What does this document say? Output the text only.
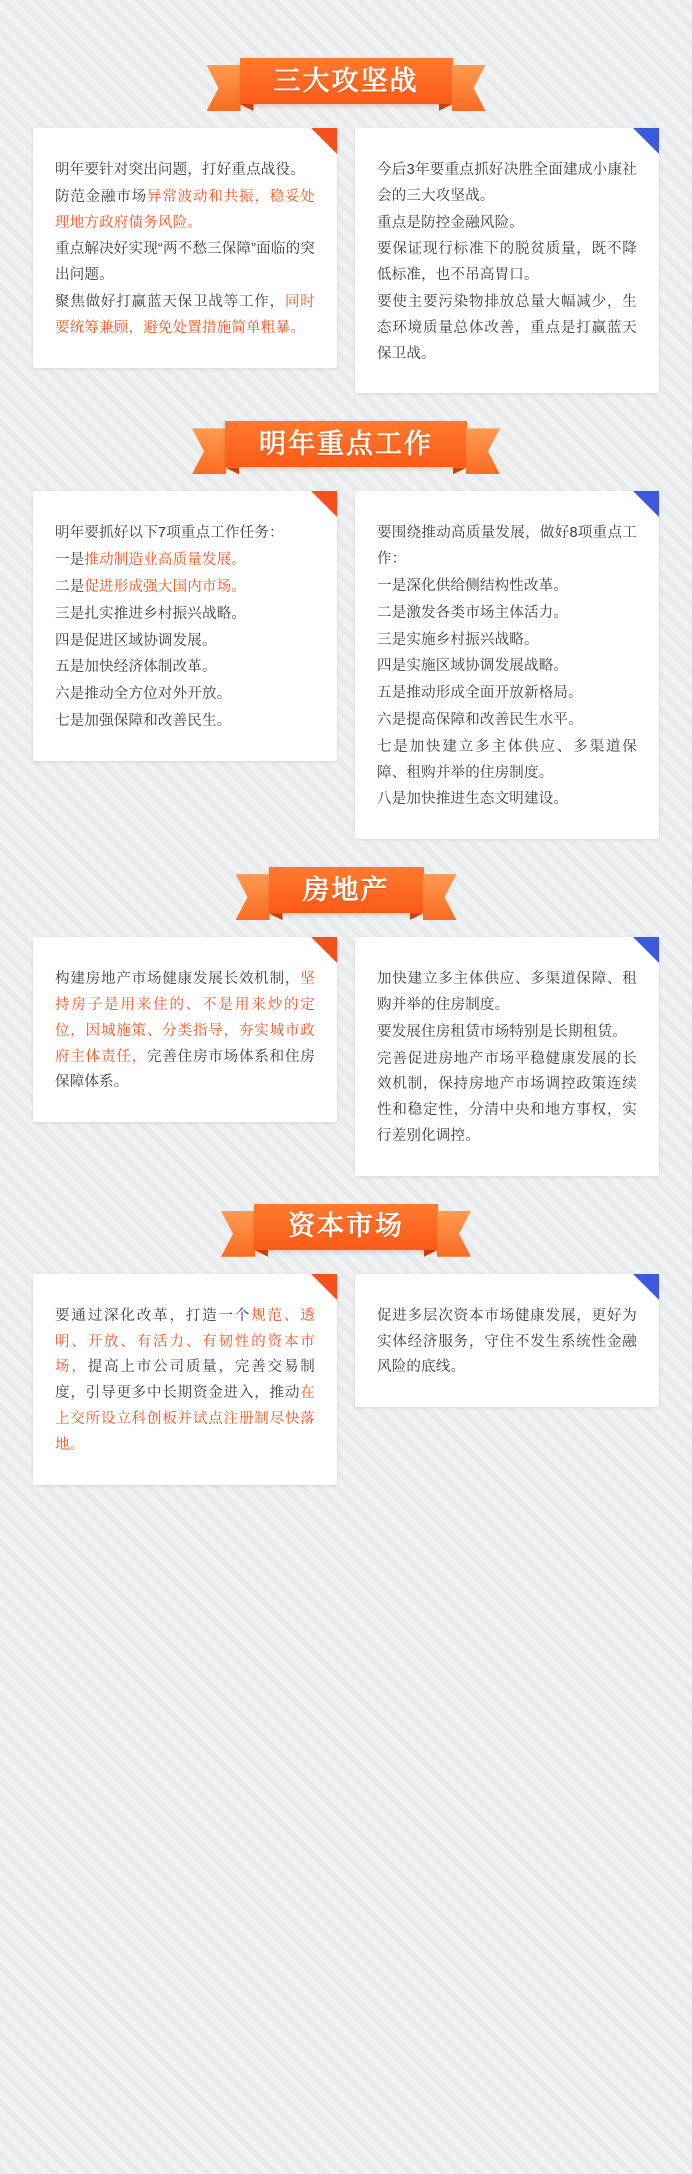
三大攻坚战

明年要针对突出问题，打好重点战役。

防范金融市场异常波动和共振，稳妥处理地方政府债务风险。

重点解决好实现“两不愁三保障”面临的突出问题。

聚焦做好打赢蓝天保卫战等工作，同时要统筹兼顾，避免处置措施简单粗暴。

今后3年要重点抓好决胜全面建成小康社会的三大攻坚战。

重点是防控金融风险。

要保证现行标准下的脱贫质量，既不降低标准，也不吊高胃口。

要使主要污染物排放总量大幅减少，生态环境质量总体改善，重点是打赢蓝天保卫战。

明年重点工作

明年要抓好以下7项重点工作任务：

一是推动制造业高质量发展。

二是促进形成强大国内市场。

三是扎实推进乡村振兴战略。

四是促进区域协调发展。

五是加快经济体制改革。

六是推动全方位对外开放。

七是加强保障和改善民生。

要围绕推动高质量发展，做好8项重点工作：

一是深化供给侧结构性改革。

二是激发各类市场主体活力。

三是实施乡村振兴战略。

四是实施区域协调发展战略。

五是推动形成全面开放新格局。

六是提高保障和改善民生水平。

七是加快建立多主体供应、多渠道保障、租购并举的住房制度。

八是加快推进生态文明建设。

房地产

构建房地产市场健康发展长效机制，坚持房子是用来住的、不是用来炒的定位，因城施策、分类指导，夯实城市政府主体责任，完善住房市场体系和住房保障体系。

加快建立多主体供应、多渠道保障、租购并举的住房制度。

要发展住房租赁市场特别是长期租赁。

完善促进房地产市场平稳健康发展的长效机制，保持房地产市场调控政策连续性和稳定性，分清中央和地方事权，实行差别化调控。

资本市场

要通过深化改革，打造一个规范、透明、开放、有活力、有韧性的资本市场，提高上市公司质量，完善交易制度，引导更多中长期资金进入，推动在上交所设立科创板并试点注册制尽快落地。

促进多层次资本市场健康发展，更好为实体经济服务，守住不发生系统性金融风险的底线。
